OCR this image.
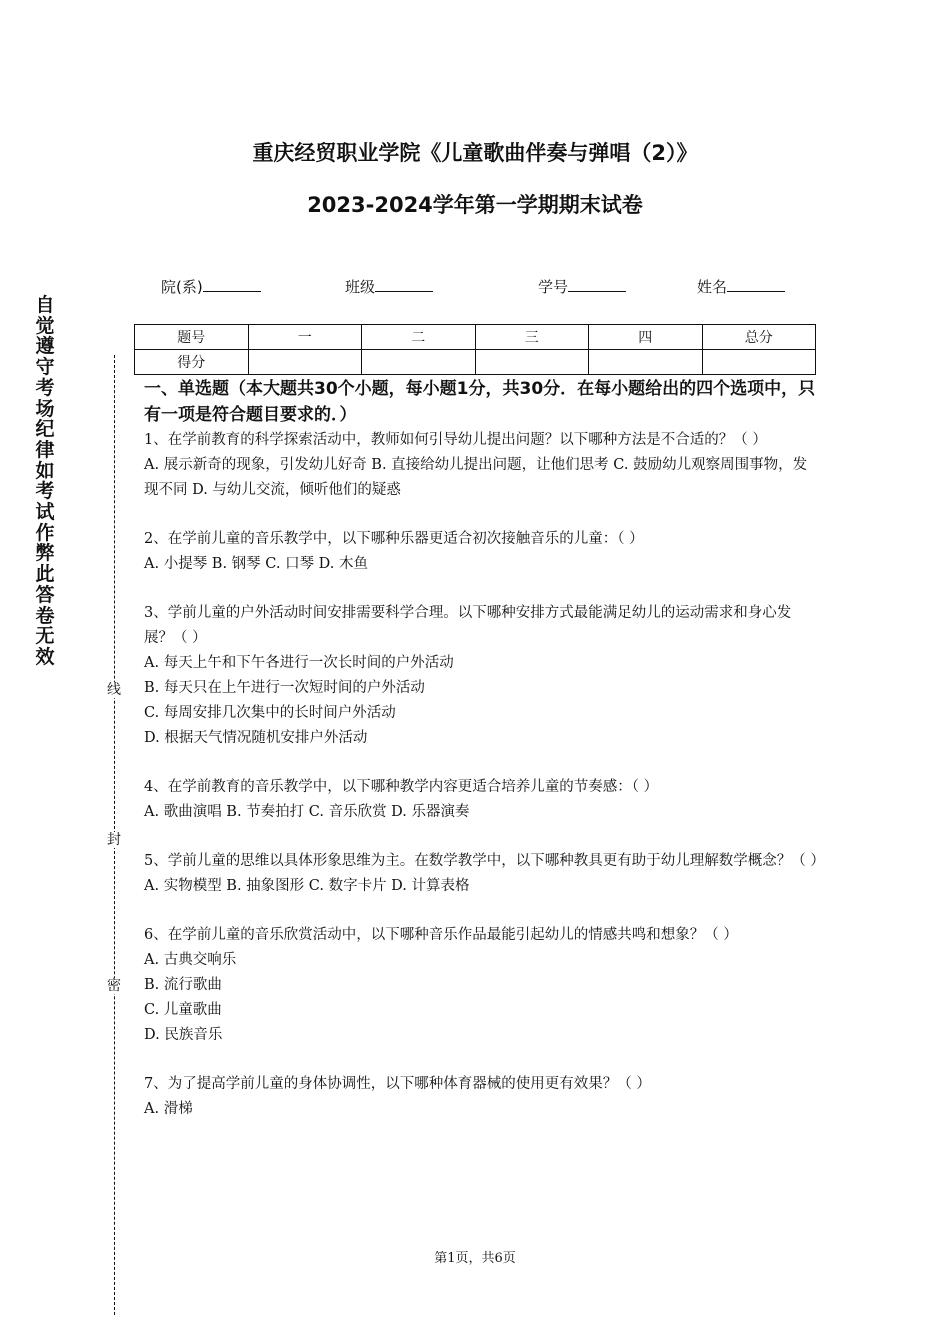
重庆经贸职业学院《儿童歌曲伴奏与弹唱（2）》
2023-2024学年第一学期期末试卷
院(系)	班级	学号	姓名
题号	一	二	三	四	总分
得分					
自觉遵守考场纪律如考试作弊此答卷无效
线
封
密
一、单选题（本大题共30个小题，每小题1分，共30分．在每小题给出的四个选项中，只有一项是符合题目要求的．）

1、在学前教育的科学探索活动中，教师如何引导幼儿提出问题？以下哪种方法是不合适的？（ ）

A. 展示新奇的现象，引发幼儿好奇 B. 直接给幼儿提出问题，让他们思考 C. 鼓励幼儿观察周围事物，发现不同 D. 与幼儿交流，倾听他们的疑惑

2、在学前儿童的音乐教学中，以下哪种乐器更适合初次接触音乐的儿童：（ ）

A. 小提琴 B. 钢琴 C. 口琴 D. 木鱼

3、学前儿童的户外活动时间安排需要科学合理。以下哪种安排方式最能满足幼儿的运动需求和身心发展？（ ）

A. 每天上午和下午各进行一次长时间的户外活动

B. 每天只在上午进行一次短时间的户外活动

C. 每周安排几次集中的长时间户外活动

D. 根据天气情况随机安排户外活动

4、在学前教育的音乐教学中，以下哪种教学内容更适合培养儿童的节奏感：（ ）

A. 歌曲演唱 B. 节奏拍打 C. 音乐欣赏 D. 乐器演奏

5、学前儿童的思维以具体形象思维为主。在数学教学中，以下哪种教具更有助于幼儿理解数学概念？（ ）

A. 实物模型 B. 抽象图形 C. 数字卡片 D. 计算表格

6、在学前儿童的音乐欣赏活动中，以下哪种音乐作品最能引起幼儿的情感共鸣和想象？（ ）

A. 古典交响乐

B. 流行歌曲

C. 儿童歌曲

D. 民族音乐

7、为了提高学前儿童的身体协调性，以下哪种体育器械的使用更有效果？（ ）

A. 滑梯

第1页，共6页
